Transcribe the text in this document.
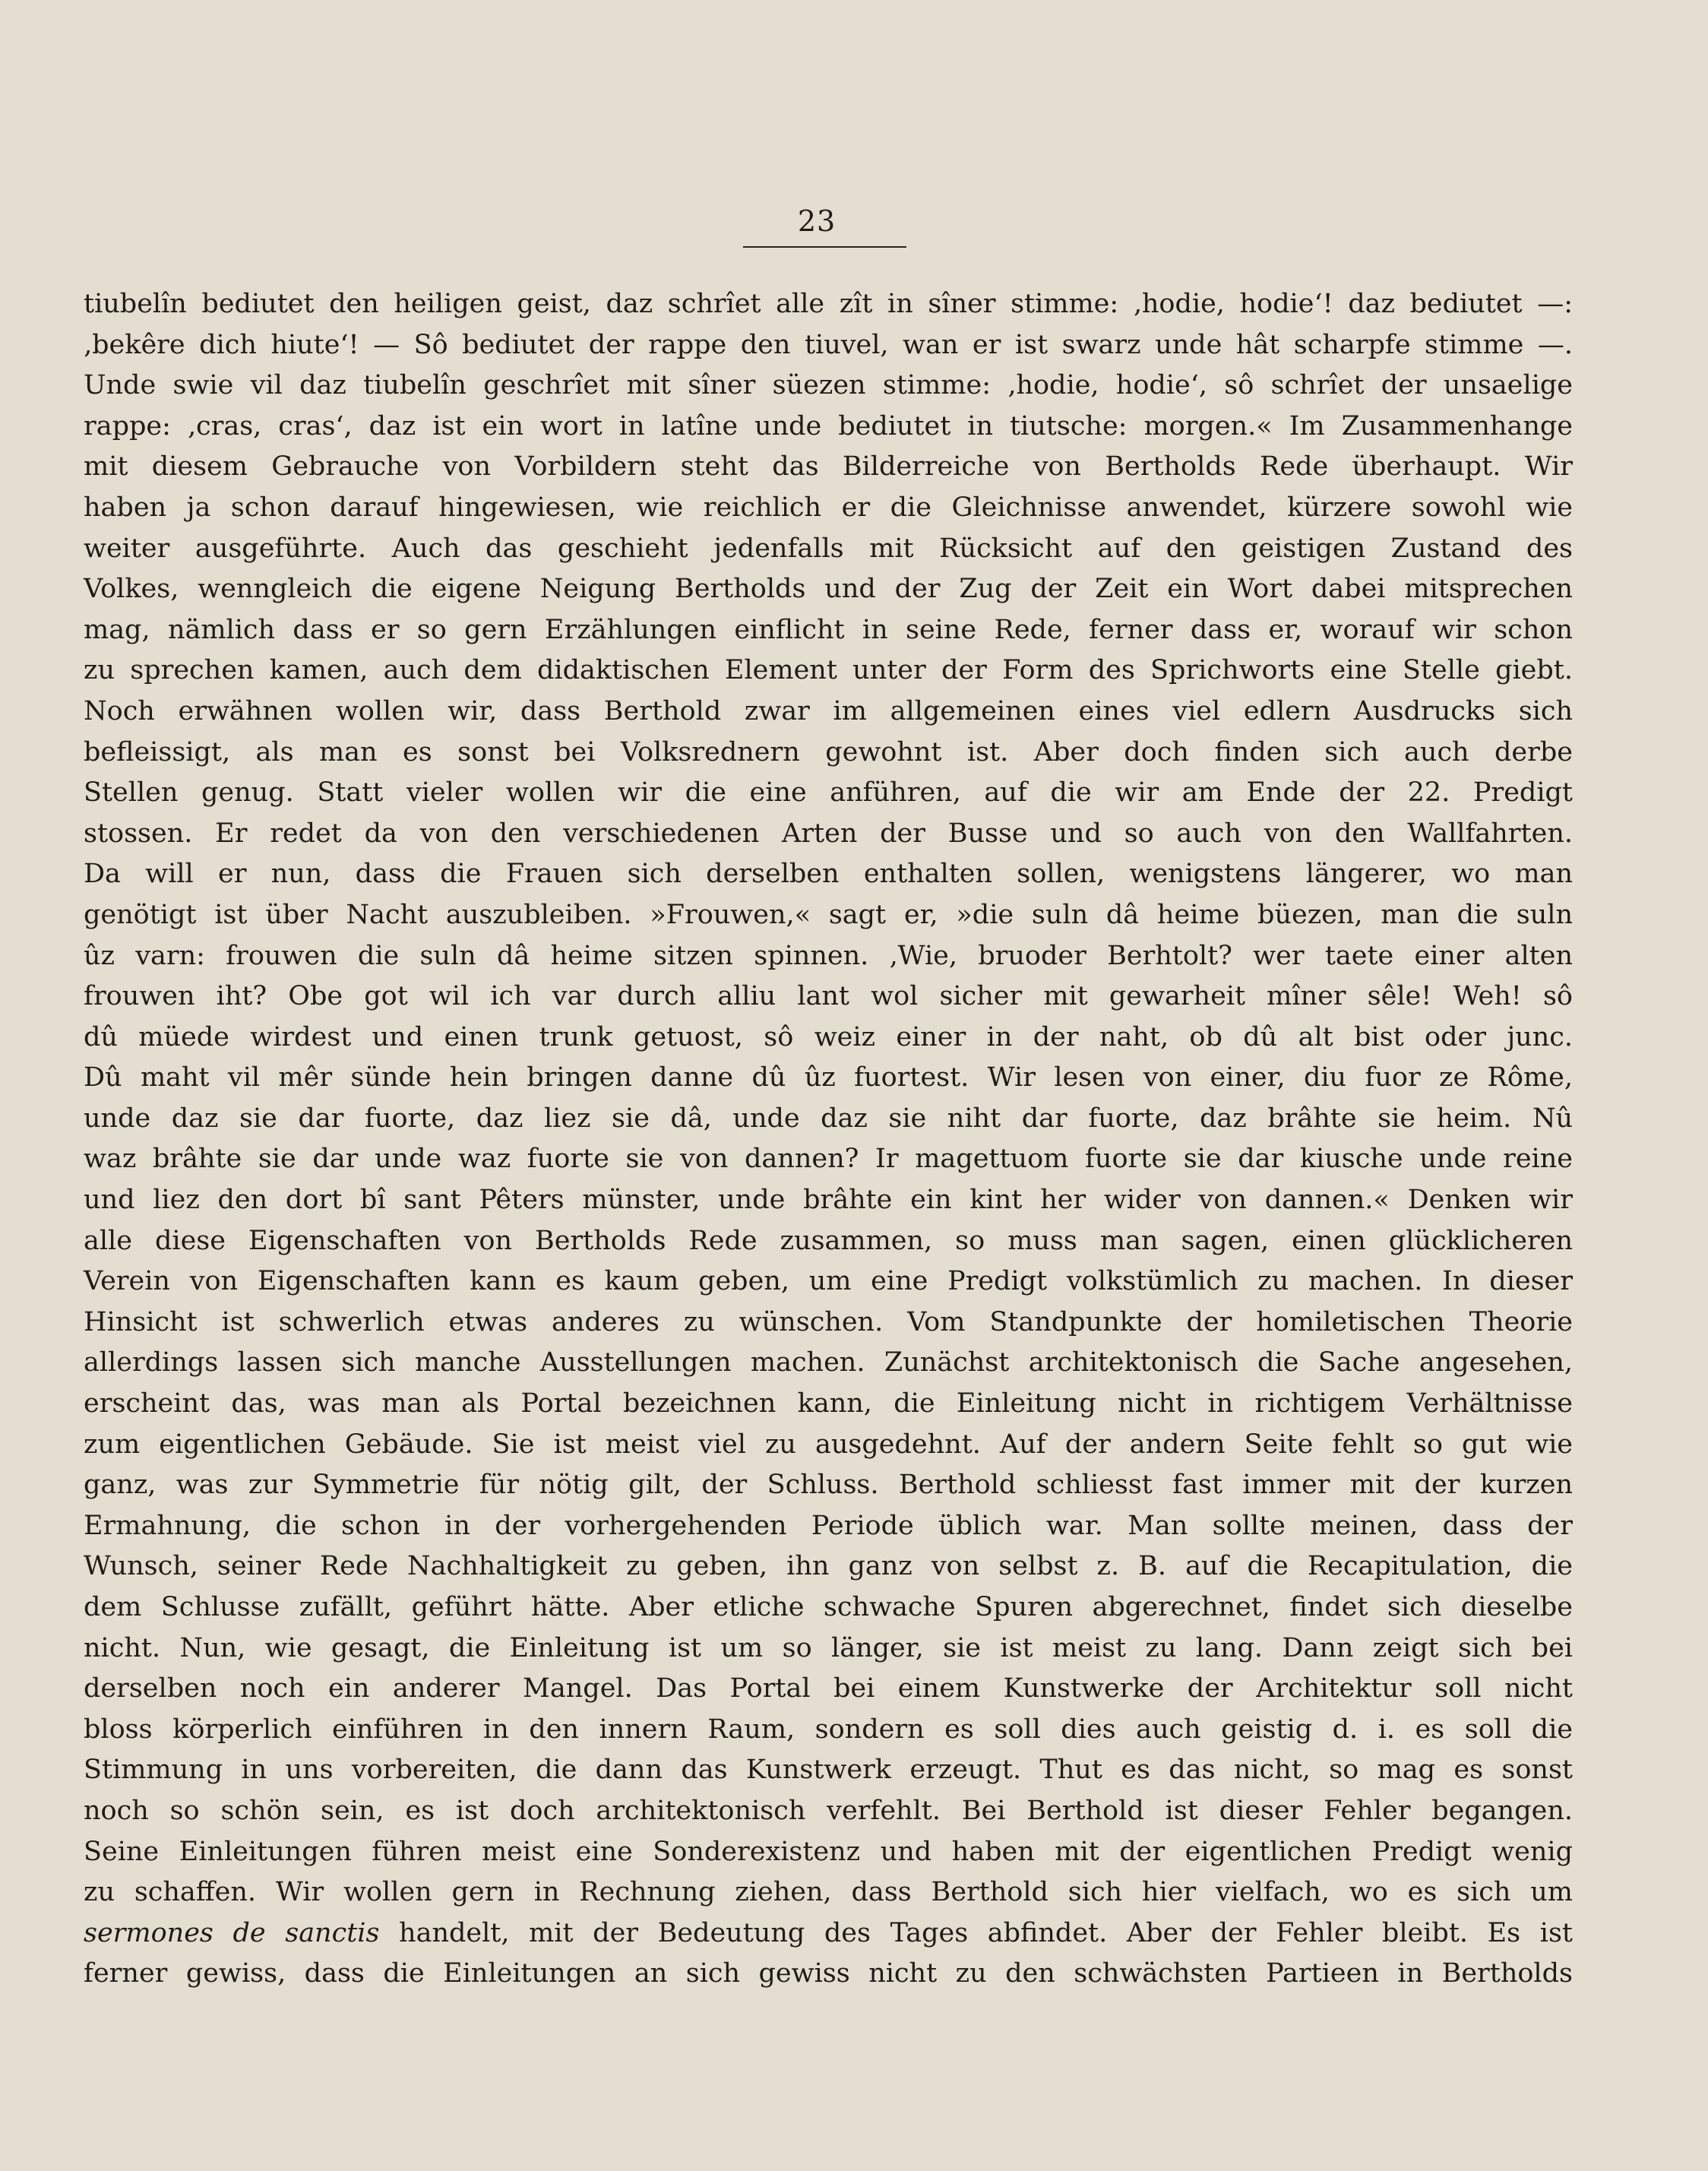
23
tiubelîn bediutet den heiligen geist, daz schrîet alle zît in sîner stimme: ‚hodie, hodie‘! daz bediutet —:
‚bekêre dich hiute‘! — Sô bediutet der rappe den tiuvel, wan er ist swarz unde hât scharpfe stimme —.
Unde swie vil daz tiubelîn geschrîet mit sîner süezen stimme: ‚hodie, hodie‘, sô schrîet der unsaelige
rappe: ‚cras, cras‘, daz ist ein wort in latîne unde bediutet in tiutsche: morgen.« Im Zusammenhange
mit diesem Gebrauche von Vorbildern steht das Bilderreiche von Bertholds Rede überhaupt. Wir
haben ja schon darauf hingewiesen, wie reichlich er die Gleichnisse anwendet, kürzere sowohl wie
weiter ausgeführte. Auch das geschieht jedenfalls mit Rücksicht auf den geistigen Zustand des
Volkes, wenngleich die eigene Neigung Bertholds und der Zug der Zeit ein Wort dabei mitsprechen
mag, nämlich dass er so gern Erzählungen einflicht in seine Rede, ferner dass er, worauf wir schon
zu sprechen kamen, auch dem didaktischen Element unter der Form des Sprichworts eine Stelle giebt.
Noch erwähnen wollen wir, dass Berthold zwar im allgemeinen eines viel edlern Ausdrucks sich
befleissigt, als man es sonst bei Volksrednern gewohnt ist. Aber doch finden sich auch derbe
Stellen genug. Statt vieler wollen wir die eine anführen, auf die wir am Ende der 22. Predigt
stossen. Er redet da von den verschiedenen Arten der Busse und so auch von den Wallfahrten.
Da will er nun, dass die Frauen sich derselben enthalten sollen, wenigstens längerer, wo man
genötigt ist über Nacht auszubleiben. »Frouwen,« sagt er, »die suln dâ heime büezen, man die suln
ûz varn: frouwen die suln dâ heime sitzen spinnen. ‚Wie, bruoder Berhtolt? wer taete einer alten
frouwen iht? Obe got wil ich var durch alliu lant wol sicher mit gewarheit mîner sêle! Weh! sô
dû müede wirdest und einen trunk getuost, sô weiz einer in der naht, ob dû alt bist oder junc.
Dû maht vil mêr sünde hein bringen danne dû ûz fuortest. Wir lesen von einer, diu fuor ze Rôme,
unde daz sie dar fuorte, daz liez sie dâ, unde daz sie niht dar fuorte, daz brâhte sie heim. Nû
waz brâhte sie dar unde waz fuorte sie von dannen? Ir magettuom fuorte sie dar kiusche unde reine
und liez den dort bî sant Pêters münster, unde brâhte ein kint her wider von dannen.« Denken wir
alle diese Eigenschaften von Bertholds Rede zusammen, so muss man sagen, einen glücklicheren
Verein von Eigenschaften kann es kaum geben, um eine Predigt volkstümlich zu machen. In dieser
Hinsicht ist schwerlich etwas anderes zu wünschen. Vom Standpunkte der homiletischen Theorie
allerdings lassen sich manche Ausstellungen machen. Zunächst architektonisch die Sache angesehen,
erscheint das, was man als Portal bezeichnen kann, die Einleitung nicht in richtigem Verhältnisse
zum eigentlichen Gebäude. Sie ist meist viel zu ausgedehnt. Auf der andern Seite fehlt so gut wie
ganz, was zur Symmetrie für nötig gilt, der Schluss. Berthold schliesst fast immer mit der kurzen
Ermahnung, die schon in der vorhergehenden Periode üblich war. Man sollte meinen, dass der
Wunsch, seiner Rede Nachhaltigkeit zu geben, ihn ganz von selbst z. B. auf die Recapitulation, die
dem Schlusse zufällt, geführt hätte. Aber etliche schwache Spuren abgerechnet, findet sich dieselbe
nicht. Nun, wie gesagt, die Einleitung ist um so länger, sie ist meist zu lang. Dann zeigt sich bei
derselben noch ein anderer Mangel. Das Portal bei einem Kunstwerke der Architektur soll nicht
bloss körperlich einführen in den innern Raum, sondern es soll dies auch geistig d. i. es soll die
Stimmung in uns vorbereiten, die dann das Kunstwerk erzeugt. Thut es das nicht, so mag es sonst
noch so schön sein, es ist doch architektonisch verfehlt. Bei Berthold ist dieser Fehler begangen.
Seine Einleitungen führen meist eine Sonderexistenz und haben mit der eigentlichen Predigt wenig
zu schaffen. Wir wollen gern in Rechnung ziehen, dass Berthold sich hier vielfach, wo es sich um
sermones de sanctis handelt, mit der Bedeutung des Tages abfindet. Aber der Fehler bleibt. Es ist
ferner gewiss, dass die Einleitungen an sich gewiss nicht zu den schwächsten Partieen in Bertholds
